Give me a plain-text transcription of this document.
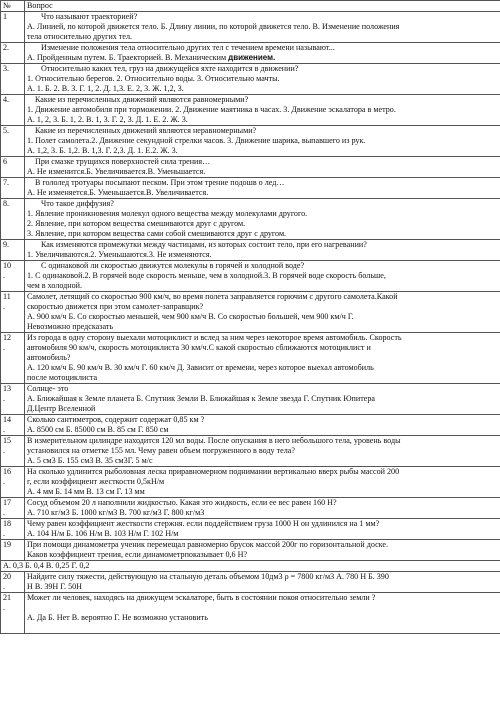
№	Вопрос
1	Что называют траекторией?
А. Линией, по которой движется тело. Б. Длину линии, по которой движется тело. В. Изменение положения
тела относительно других тел.

2.	Изменение положения тела относительно других тел с течением времени называют...
А. Пройденным путем. Б. Траекторией. В. Механическим движением.

3.	Относительно каких тел, груз на движущейся яхте находится в движении?
1. Относительно берегов. 2. Относительно воды. 3. Относительно мачты.
А. 1. Б. 2. В. 3. Г. 1, 2. Д. 1,3. Е. 2, 3. Ж. 1,2, 3.

4.	Какие из перечисленных движений являются равномерными?
1. Движение автомобиля при торможении. 2. Движение маятника в часах. 3. Движение эскалатора в метро.
А. 1, 2, 3. Б. 1, 2. В. 1, 3. Г. 2, 3. Д. 1. Е. 2. Ж. 3.

5.	Какие из перечисленных движений являются неравномерными?
1. Полет самолета.2. Движение секундной стрелки часов. 3. Движение шарика, выпавшего из рук.
А. 1,2, 3. Б. 1,2. В. 1,3. Г. 2,3. Д. 1. Е.2. Ж. 3.

6	При смазке трущихся поверхностей сила трения…
А. Не изменится.Б. Увеличивается.В. Уменьшается.

7.	В гололед тротуары посыпают песком. При этом трение подошв о лед…
А. Не изменяется.Б. Уменьшается.В. Увеличивается.

8.	Что такое диффузия?
1. Явление проникновения молекул одного вещества между молекулами другого.
2. Явление, при котором вещества смешиваются друг с другом.
3. Явление, при котором вещества сами собой смешиваются друг с другом.

9.	Как изменяются промежутки между частицами, из которых состоит тело, при его нагревании?
1. Увеличиваются.2. Уменьшаются.3. Не изменяются.

10
.	С одинаковой ли скоростью движутся молекулы в горячей и холодной воде?
1. С одинаковой.2. В горячей воде скорость меньше, чем в холодной.3. В горячей воде скорость больше,
чем в холодной.

11
.	Самолет, летящий со скоростью 900 км/ч, во время полета заправляется горючим с другого самолета.Какой
скоростью движется при этом самолет-заправщик?
А. 900 км/ч Б. Со скоростью меньшей, чем 900 км/ч В. Со скоростью большей, чем 900 км/ч Г.
Невозможно предсказать

12
.	Из города в одну сторону выехали мотоциклист и вслед за ним через некоторое время автомобиль. Скорость
автомобиля 90 км/ч, скорость мотоциклиста 30 км/ч.С какой скоростью сближаются мотоциклист и
автомобиль?
А. 120 км/ч Б. 90 км/ч В. 30 км/ч Г. 60 км/ч Д. Зависит от времени, через которое выехал автомобиль
после мотоциклиста

13
.	Солнце- это
А. Ближайшая к Земле планета Б. Спутник Земли В. Ближайшая к Земле звезда Г. Спутник Юпитера
Д.Центр Вселенной

14
.	Сколько сантиметров, содержит содержат 0,85 км ?
А. 8500 см Б. 85000 см В. 85 см Г. 850 см

15
.	В измерительном цилиндре находится 120 мл воды. После опускания в него небольшого тела, уровень воды
установился на отметке 155 мл. Чему равен объем погруженного в воду тела?
А. 5 см3 Б. 155 см3 В. 35 см3Г. 5 м/с

16
.	На сколько удлинится рыболовная леска приравномерном поднимании вертикально вверх рыбы массой 200
г, если коэффициент жесткости 0,5кН/м
А. 4 мм Б. 14 мм В. 13 см Г. 13 мм

17
.	Сосуд объемом 20 л наполнили жидкостью. Какая это жидкость, если ее вес равен 160 Н?
А. 710 кг/м3 Б. 1000 кг/м3 В. 700 кг/м3 Г. 800 кг/м3

18
.	Чему равен коэффициент жесткости стержня. если поддействием груза 1000 Н он удлинился на 1 мм?
А. 104 Н/м Б. 106 Н/м В. 103 Н/м Г. 102 Н/м

19	При помощи динамометра ученик перемещал равномерно брусок массой 200г по горизонтальной доске.
Каков коэффициент трения, если динамометрпоказывает 0,6 Н?

А. 0,3 Б. 0,4 В. 0,25 Г. 0,2	
20
.	Найдите силу тяжести, действующую на стальную деталь объемом 10дм3 ρ = 7800 кг/м3 А. 780 Н Б. 390
Н В. 39Н Г. 50Н

21
.	Может ли человек, находясь на движущем эскалаторе, быть в состоянии покоя относительно земли ?

А. Да Б. Нет В. вероятно Г. Не возможно установить
